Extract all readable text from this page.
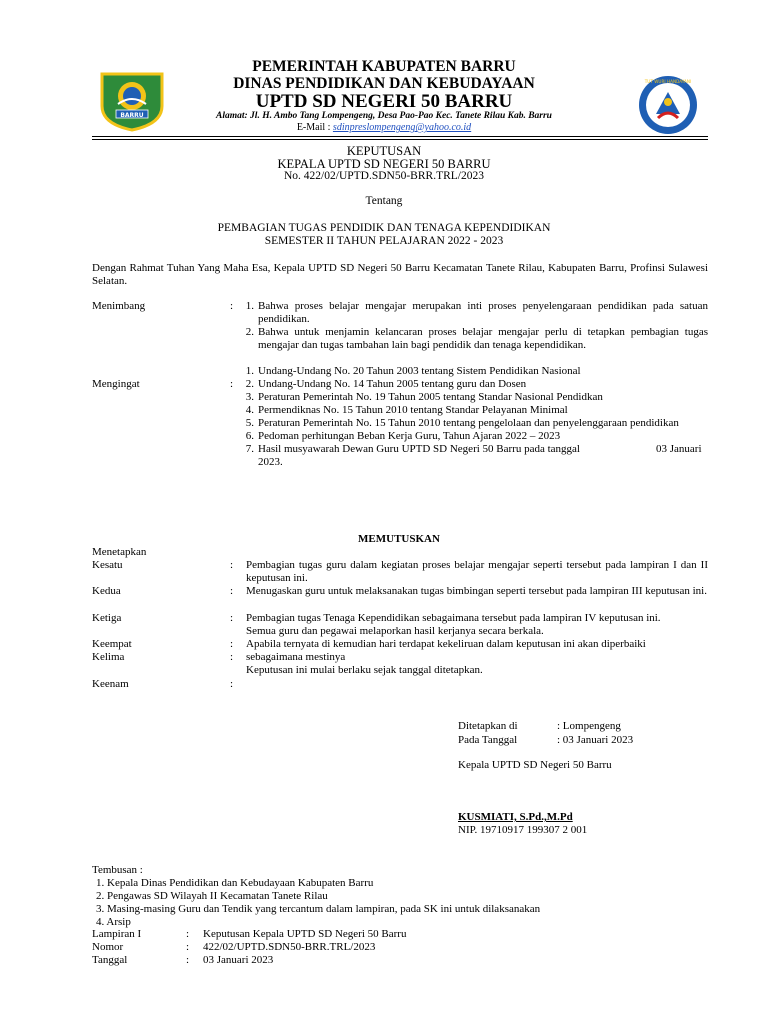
BARRU
TUT WURI HANDAYANI
PEMERINTAH KABUPATEN BARRU
DINAS PENDIDIKAN DAN KEBUDAYAAN
UPTD SD NEGERI 50 BARRU
Alamat: Jl. H. Ambo Tang Lompengeng, Desa Pao-Pao Kec. Tanete Rilau Kab. Barru
E-Mail : sdinpreslompengeng@yahoo.co.id
KEPUTUSAN
KEPALA UPTD SD NEGERI 50 BARRU
No. 422/02/UPTD.SDN50-BRR.TRL/2023
Tentang
PEMBAGIAN TUGAS PENDIDIK DAN TENAGA KEPENDIDIKAN
SEMESTER II TAHUN PELAJARAN 2022 - 2023
Dengan Rahmat Tuhan Yang Maha Esa, Kepala UPTD SD Negeri 50 Barru Kecamatan Tanete Rilau, Kabupaten Barru, Profinsi Sulawesi Selatan.
Menimbang	:	1. Bahwa proses belajar mengajar merupakan inti proses penyelengaraan pendidikan pada satuan pendidikan.
2. Bahwa untuk menjamin kelancaran proses belajar mengajar perlu di tetapkan pembagian tugas mengajar dan tugas tambahan lain bagi pendidik dan tenaga kependidikan.
Mengingat	:
1. Undang-Undang No. 20 Tahun 2003 tentang Sistem Pendidikan Nasional
2. Undang-Undang No. 14 Tahun 2005 tentang guru dan Dosen
3. Peraturan Pemerintah No. 19 Tahun 2005 tentang Standar Nasional Pendidkan
4. Permendiknas No. 15 Tahun 2010 tentang Standar Pelayanan Minimal
5. Peraturan Pemerintah No. 15 Tahun 2010 tentang pengelolaan dan penyelenggaraan pendidikan
6. Pedoman perhitungan Beban Kerja Guru, Tahun Ajaran 2022 – 2023
7. Hasil musyawarah Dewan Guru UPTD SD Negeri 50 Barru pada tanggal	03 Januari
2023.
MEMUTUSKAN
Menetapkan
Kesatu	: Pembagian tugas guru dalam kegiatan proses belajar mengajar seperti tersebut pada lampiran I dan II keputusan ini.
Kedua	: Menugaskan guru untuk melaksanakan tugas bimbingan seperti tersebut pada lampiran III keputusan ini.
Ketiga	: Pembagian tugas Tenaga Kependidikan sebagaimana tersebut pada lampiran IV keputusan ini.
Semua guru dan pegawai melaporkan hasil kerjanya secara berkala.
Keempat	: Apabila ternyata di kemudian hari terdapat kekeliruan dalam keputusan ini akan diperbaiki
Kelima	: sebagaimana mestinya
Keputusan ini mulai berlaku sejak tanggal ditetapkan.
Keenam	:
Ditetapkan di	: Lompengeng
Pada Tanggal	: 03 Januari 2023
Kepala UPTD SD Negeri 50 Barru
KUSMIATI, S.Pd.,M.Pd
NIP. 19710917 199307 2 001
Tembusan :
1. Kepala Dinas Pendidikan dan Kebudayaan Kabupaten Barru
2. Pengawas SD Wilayah II Kecamatan Tanete Rilau
3. Masing-masing Guru dan Tendik yang tercantum dalam lampiran, pada SK ini untuk dilaksanakan
4. Arsip
Lampiran I	: Keputusan Kepala UPTD SD Negeri 50 Barru
Nomor	: 422/02/UPTD.SDN50-BRR.TRL/2023
Tanggal	: 03 Januari 2023
